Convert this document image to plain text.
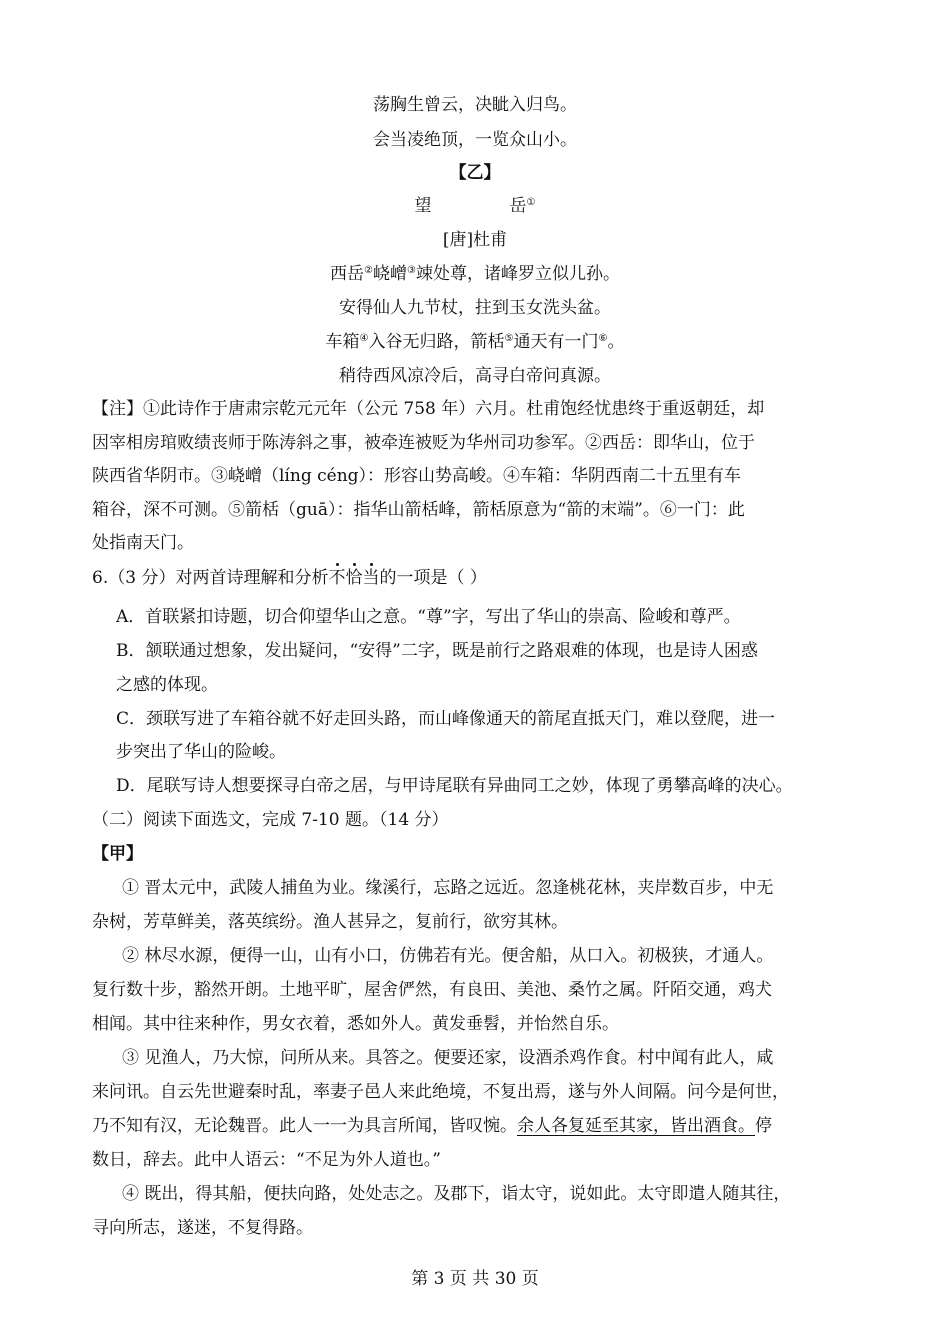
荡胸生曾云，决眦入归鸟。
会当凌绝顶，一览众山小。
【乙】
望	岳①
[唐]杜甫
西岳②峣嶒③竦处尊，诸峰罗立似儿孙。
安得仙人九节杖，拄到玉女洗头盆。
车箱④入谷无归路，箭栝⑤通天有一门⑥。
稍待西风凉冷后，高寻白帝问真源。
【注】①此诗作于唐肃宗乾元元年（公元 758 年）六月。杜甫饱经忧患终于重返朝廷，却
因宰相房琯败绩丧师于陈涛斜之事，被牵连被贬为华州司功参军。②西岳：即华山，位于
陕西省华阴市。③峣嶒（líng céng）：形容山势高峻。④车箱：华阴西南二十五里有车
箱谷，深不可测。⑤箭栝（guā）：指华山箭栝峰，箭栝原意为“箭的末端”。⑥一门：此
处指南天门。
6.（3 分）对两首诗理解和分析不恰当的一项是（ ）
A．首联紧扣诗题，切合仰望华山之意。“尊”字，写出了华山的崇高、险峻和尊严。
B．颔联通过想象，发出疑问，“安得”二字，既是前行之路艰难的体现，也是诗人困惑
之感的体现。
C．颈联写进了车箱谷就不好走回头路，而山峰像通天的箭尾直抵天门，难以登爬，进一
步突出了华山的险峻。
D．尾联写诗人想要探寻白帝之居，与甲诗尾联有异曲同工之妙，体现了勇攀高峰的决心。
（二）阅读下面选文，完成 7-10 题。（14 分）
【甲】
① 晋太元中，武陵人捕鱼为业。缘溪行，忘路之远近。忽逢桃花林，夹岸数百步，中无
杂树，芳草鲜美，落英缤纷。渔人甚异之，复前行，欲穷其林。
② 林尽水源，便得一山，山有小口，仿佛若有光。便舍船，从口入。初极狭，才通人。
复行数十步，豁然开朗。土地平旷，屋舍俨然，有良田、美池、桑竹之属。阡陌交通，鸡犬
相闻。其中往来种作，男女衣着，悉如外人。黄发垂髫，并怡然自乐。
③ 见渔人，乃大惊，问所从来。具答之。便要还家，设酒杀鸡作食。村中闻有此人，咸
来问讯。自云先世避秦时乱，率妻子邑人来此绝境，不复出焉，遂与外人间隔。问今是何世，
乃不知有汉，无论魏晋。此人一一为具言所闻，皆叹惋。余人各复延至其家，皆出酒食。停
数日，辞去。此中人语云：“不足为外人道也。”
④ 既出，得其船，便扶向路，处处志之。及郡下，诣太守，说如此。太守即遣人随其往，
寻向所志，遂迷，不复得路。
第 3 页 共 30 页
